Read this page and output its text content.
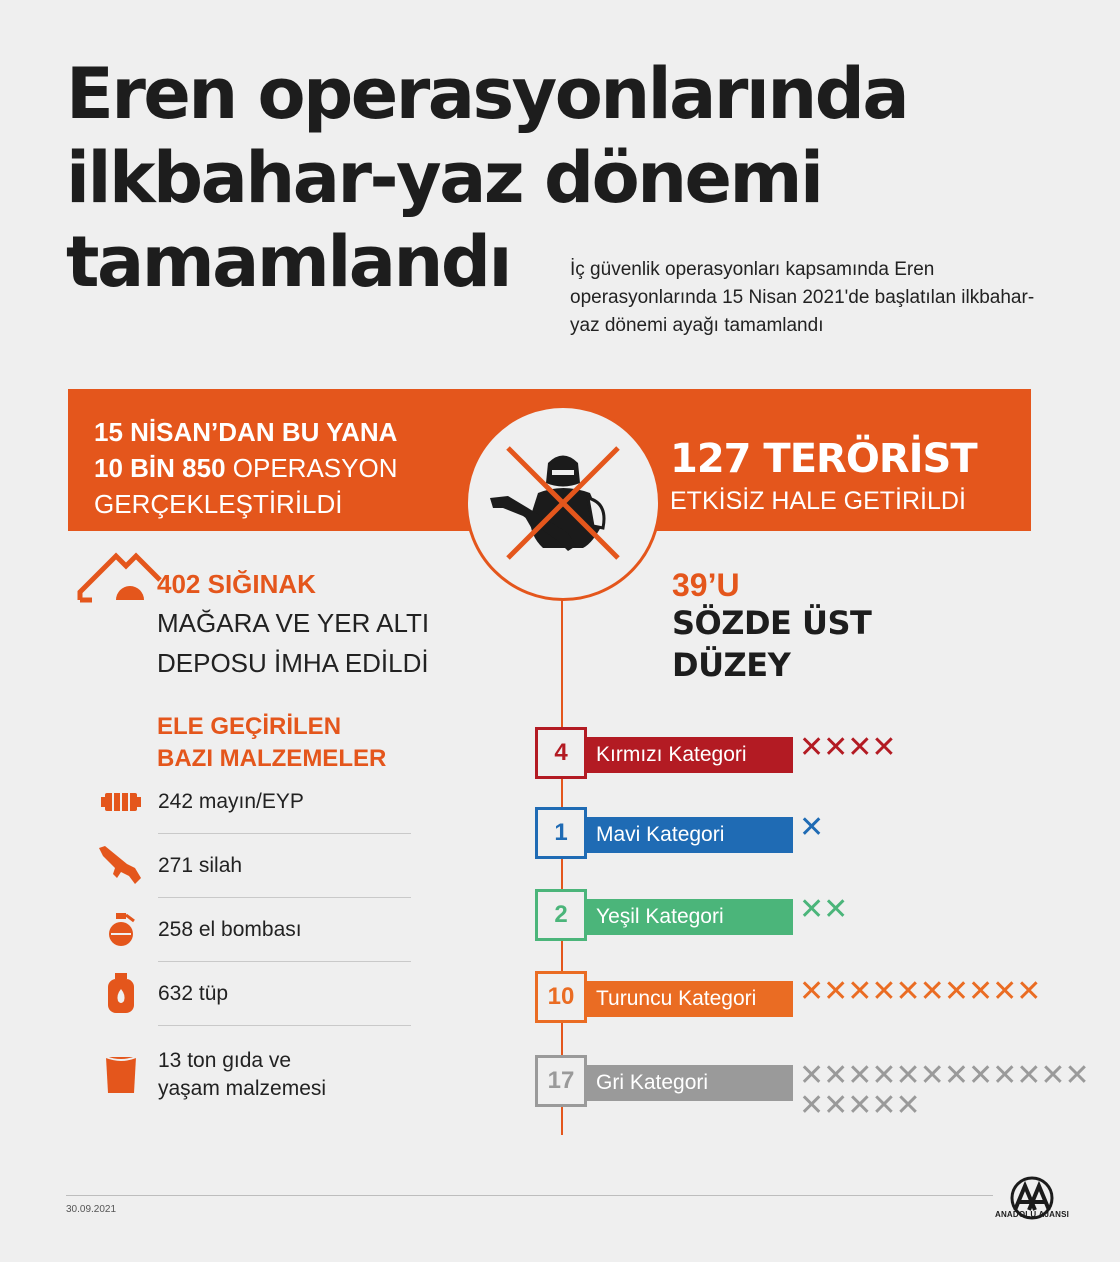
Eren operasyonlarında
ilkbahar-yaz dönemi
tamamlandı	İç güvenlik operasyonları kapsamında Eren operasyonlarında 15 Nisan 2021'de başlatılan ilkbahar-yaz dönemi ayağı tamamlandı
15 NİSAN’DAN BU YANA
10 BİN 850 OPERASYON
GERÇEKLEŞTİRİLDİ
127 TERÖRİST
ETKİSİZ HALE GETİRİLDİ
402 SIĞINAK
MAĞARA VE YER ALTI
DEPOSU İMHA EDİLDİ
ELE GEÇİRİLEN
BAZI MALZEMELER
242 mayın/EYP
271 silah
258 el bombası
632 tüp
13 ton gıda ve
yaşam malzemesi
39’U
SÖZDE ÜST
DÜZEY
4	Kırmızı Kategori	✕✕✕✕
1	Mavi Kategori	✕
2	Yeşil Kategori	✕✕
10	Turuncu Kategori	✕✕✕✕✕✕✕✕✕✕
17	Gri Kategori	✕✕✕✕✕✕✕✕✕✕✕✕✕✕✕✕✕
30.09.2021	ANADOLU AJANSI
